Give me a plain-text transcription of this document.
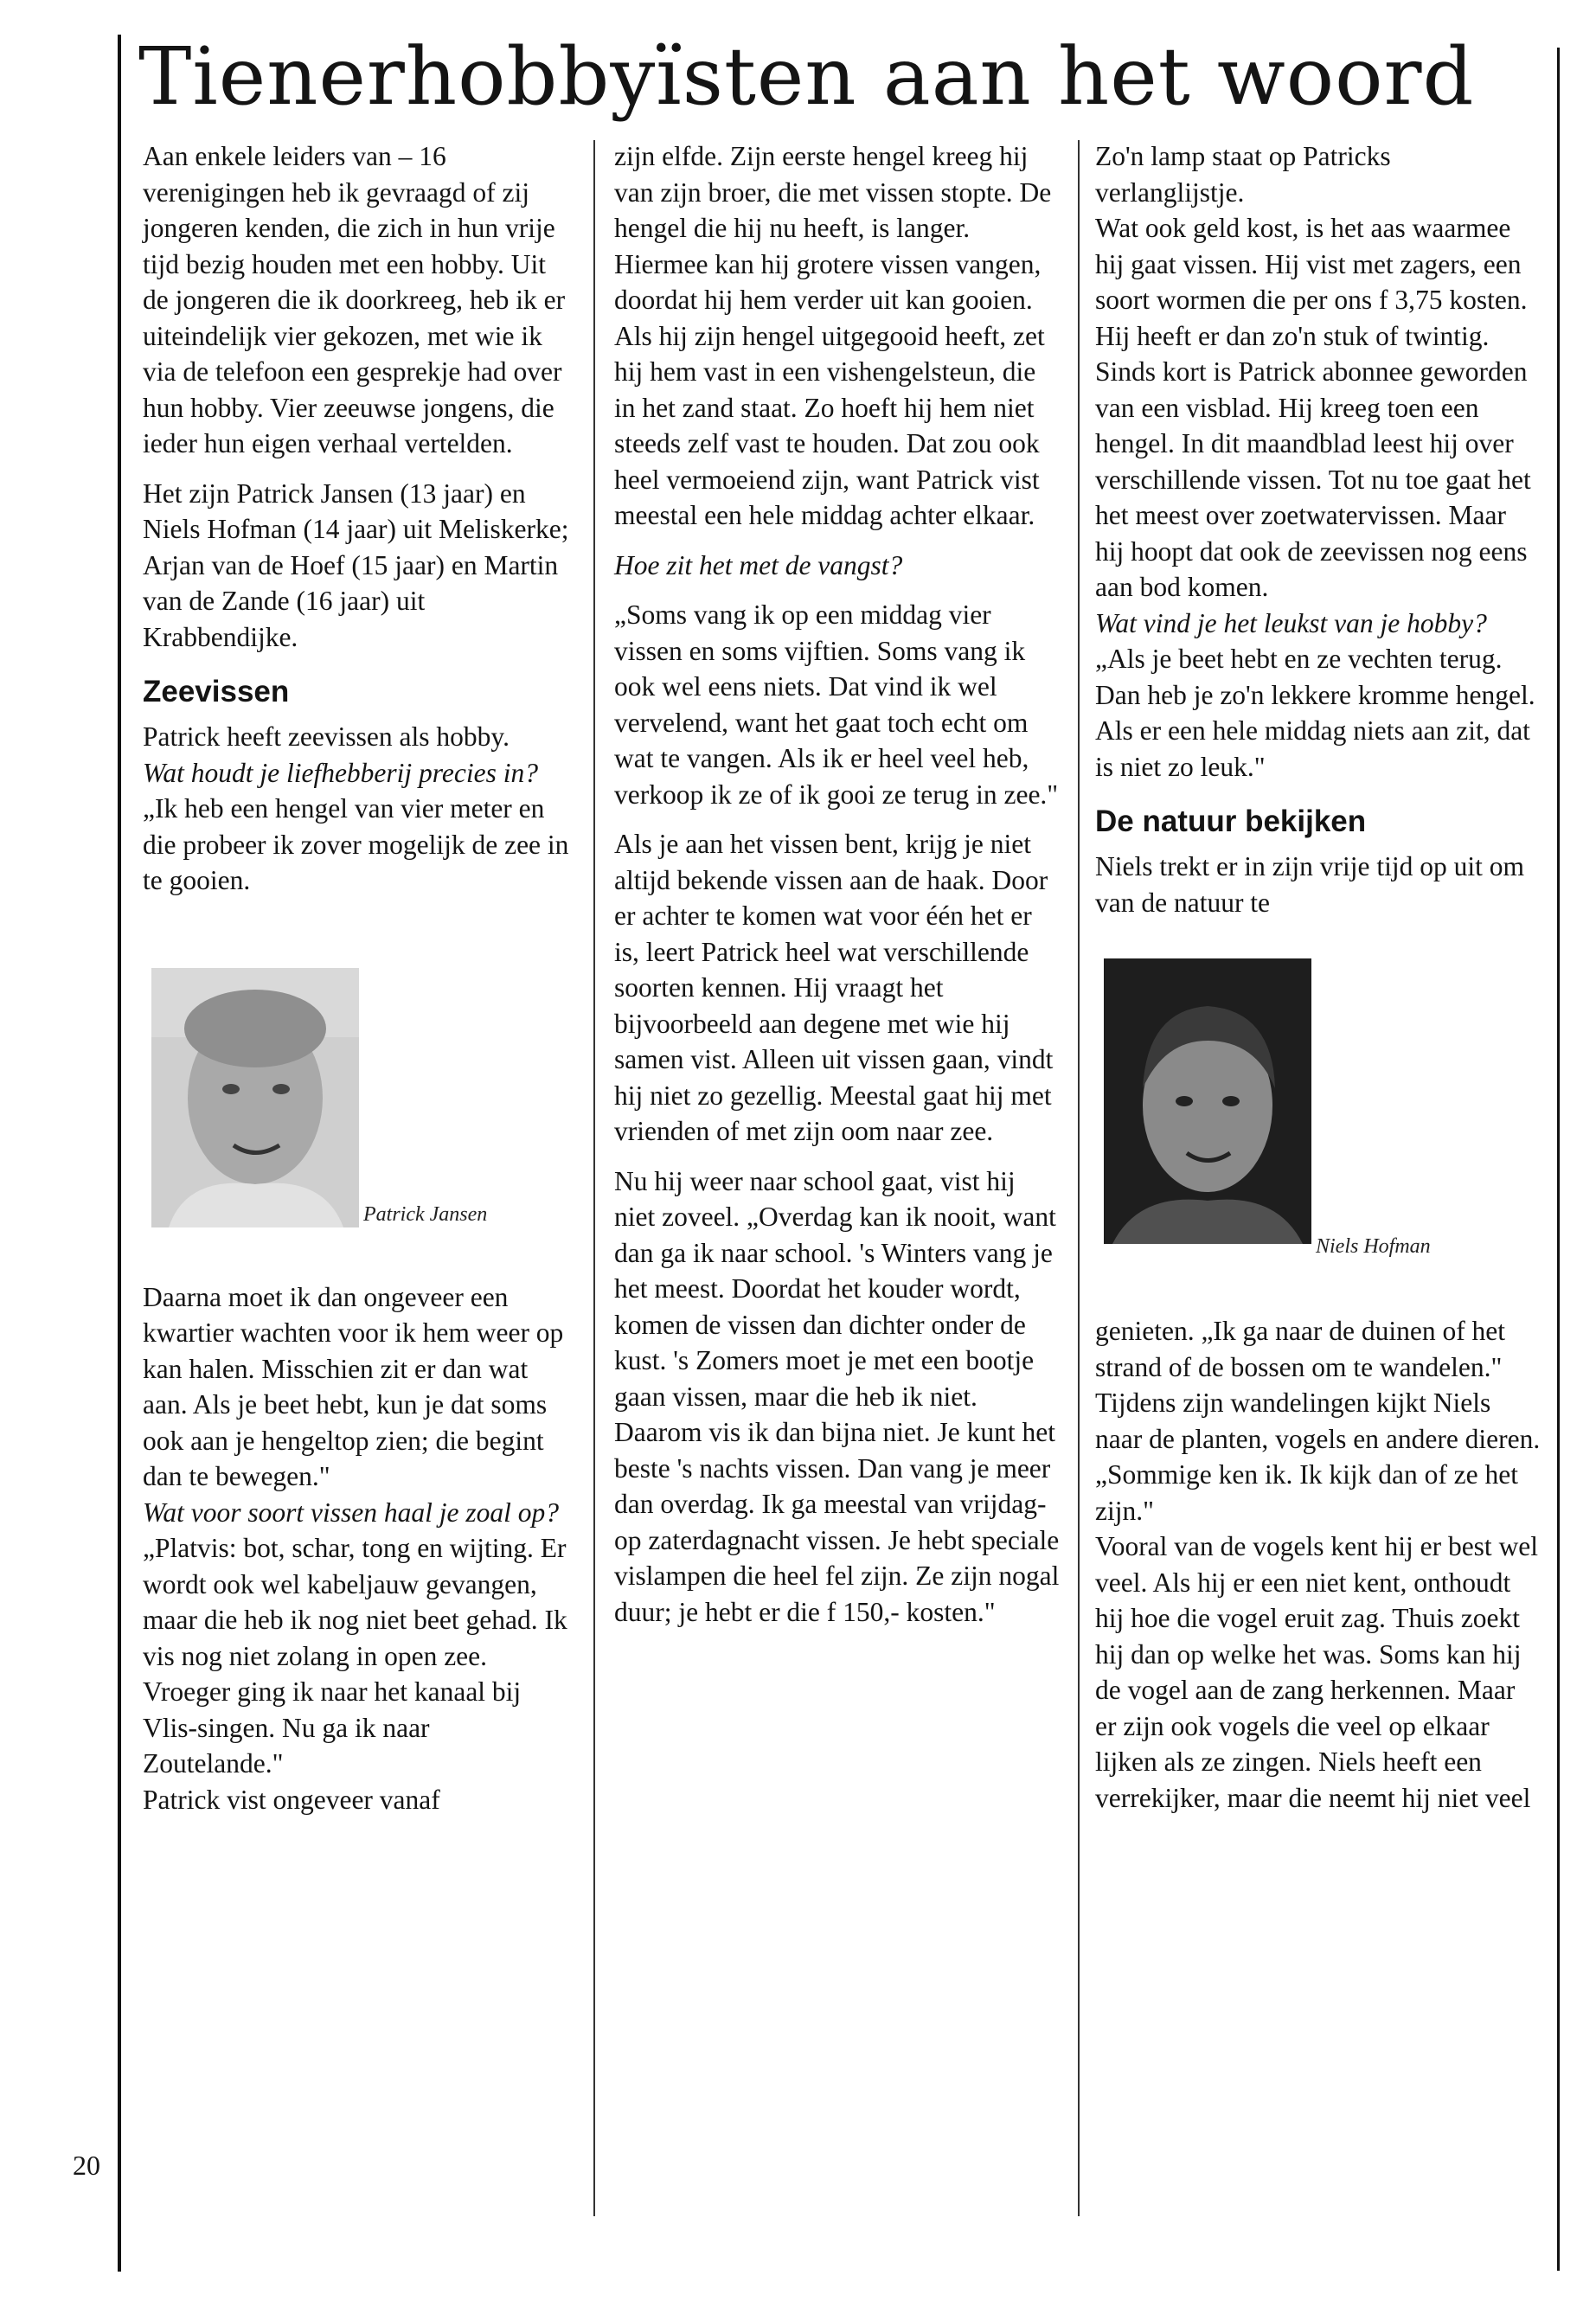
Tienerhobbyïsten aan het woord

Aan enkele leiders van – 16 verenigingen heb ik gevraagd of zij jongeren kenden, die zich in hun vrije tijd bezig houden met een hobby. Uit de jongeren die ik doorkreeg, heb ik er uiteindelijk vier gekozen, met wie ik via de telefoon een gesprekje had over hun hobby. Vier zeeuwse jongens, die ieder hun eigen verhaal vertelden.

Het zijn Patrick Jansen (13 jaar) en Niels Hofman (14 jaar) uit Meliskerke; Arjan van de Hoef (15 jaar) en Martin van de Zande (16 jaar) uit Krabbendijke.

Zeevissen

Patrick heeft zeevissen als hobby.

Wat houdt je liefhebberij precies in?

„Ik heb een hengel van vier meter en die probeer ik zover mogelijk de zee in te gooien.

Patrick Jansen

Daarna moet ik dan ongeveer een kwartier wachten voor ik hem weer op kan halen. Misschien zit er dan wat aan. Als je beet hebt, kun je dat soms ook aan je hengeltop zien; die begint dan te bewegen."

Wat voor soort vissen haal je zoal op?

„Platvis: bot, schar, tong en wijting. Er wordt ook wel kabeljauw gevangen, maar die heb ik nog niet beet gehad. Ik vis nog niet zolang in open zee. Vroeger ging ik naar het kanaal bij Vlis-singen. Nu ga ik naar Zoutelande."

Patrick vist ongeveer vanaf

zijn elfde. Zijn eerste hengel kreeg hij van zijn broer, die met vissen stopte. De hengel die hij nu heeft, is langer. Hiermee kan hij grotere vissen vangen, doordat hij hem verder uit kan gooien. Als hij zijn hengel uitgegooid heeft, zet hij hem vast in een vishengelsteun, die in het zand staat. Zo hoeft hij hem niet steeds zelf vast te houden. Dat zou ook heel vermoeiend zijn, want Patrick vist meestal een hele middag achter elkaar.

Hoe zit het met de vangst?

„Soms vang ik op een middag vier vissen en soms vijftien. Soms vang ik ook wel eens niets. Dat vind ik wel vervelend, want het gaat toch echt om wat te vangen. Als ik er heel veel heb, verkoop ik ze of ik gooi ze terug in zee."

Als je aan het vissen bent, krijg je niet altijd bekende vissen aan de haak. Door er achter te komen wat voor één het er is, leert Patrick heel wat verschillende soorten kennen. Hij vraagt het bijvoorbeeld aan degene met wie hij samen vist. Alleen uit vissen gaan, vindt hij niet zo gezellig. Meestal gaat hij met vrienden of met zijn oom naar zee.

Nu hij weer naar school gaat, vist hij niet zoveel. „Overdag kan ik nooit, want dan ga ik naar school. 's Winters vang je het meest. Doordat het kouder wordt, komen de vissen dan dichter onder de kust. 's Zomers moet je met een bootje gaan vissen, maar die heb ik niet. Daarom vis ik dan bijna niet. Je kunt het beste 's nachts vissen. Dan vang je meer dan overdag. Ik ga meestal van vrijdag- op zaterdagnacht vissen. Je hebt speciale vislampen die heel fel zijn. Ze zijn nogal duur; je hebt er die f 150,- kosten."

Zo'n lamp staat op Patricks verlanglijstje.

Wat ook geld kost, is het aas waarmee hij gaat vissen. Hij vist met zagers, een soort wormen die per ons f 3,75 kosten. Hij heeft er dan zo'n stuk of twintig.

Sinds kort is Patrick abonnee geworden van een visblad. Hij kreeg toen een hengel. In dit maandblad leest hij over verschillende vissen. Tot nu toe gaat het het meest over zoetwatervissen. Maar hij hoopt dat ook de zeevissen nog eens aan bod komen.

Wat vind je het leukst van je hobby?

„Als je beet hebt en ze vechten terug. Dan heb je zo'n lekkere kromme hengel. Als er een hele middag niets aan zit, dat is niet zo leuk."

De natuur bekijken

Niels trekt er in zijn vrije tijd op uit om van de natuur te

Niels Hofman

genieten. „Ik ga naar de duinen of het strand of de bossen om te wandelen." Tijdens zijn wandelingen kijkt Niels naar de planten, vogels en andere dieren. „Sommige ken ik. Ik kijk dan of ze het zijn."

Vooral van de vogels kent hij er best wel veel. Als hij er een niet kent, onthoudt hij hoe die vogel eruit zag. Thuis zoekt hij dan op welke het was. Soms kan hij de vogel aan de zang herkennen. Maar er zijn ook vogels die veel op elkaar lijken als ze zingen. Niels heeft een verrekijker, maar die neemt hij niet veel

20
